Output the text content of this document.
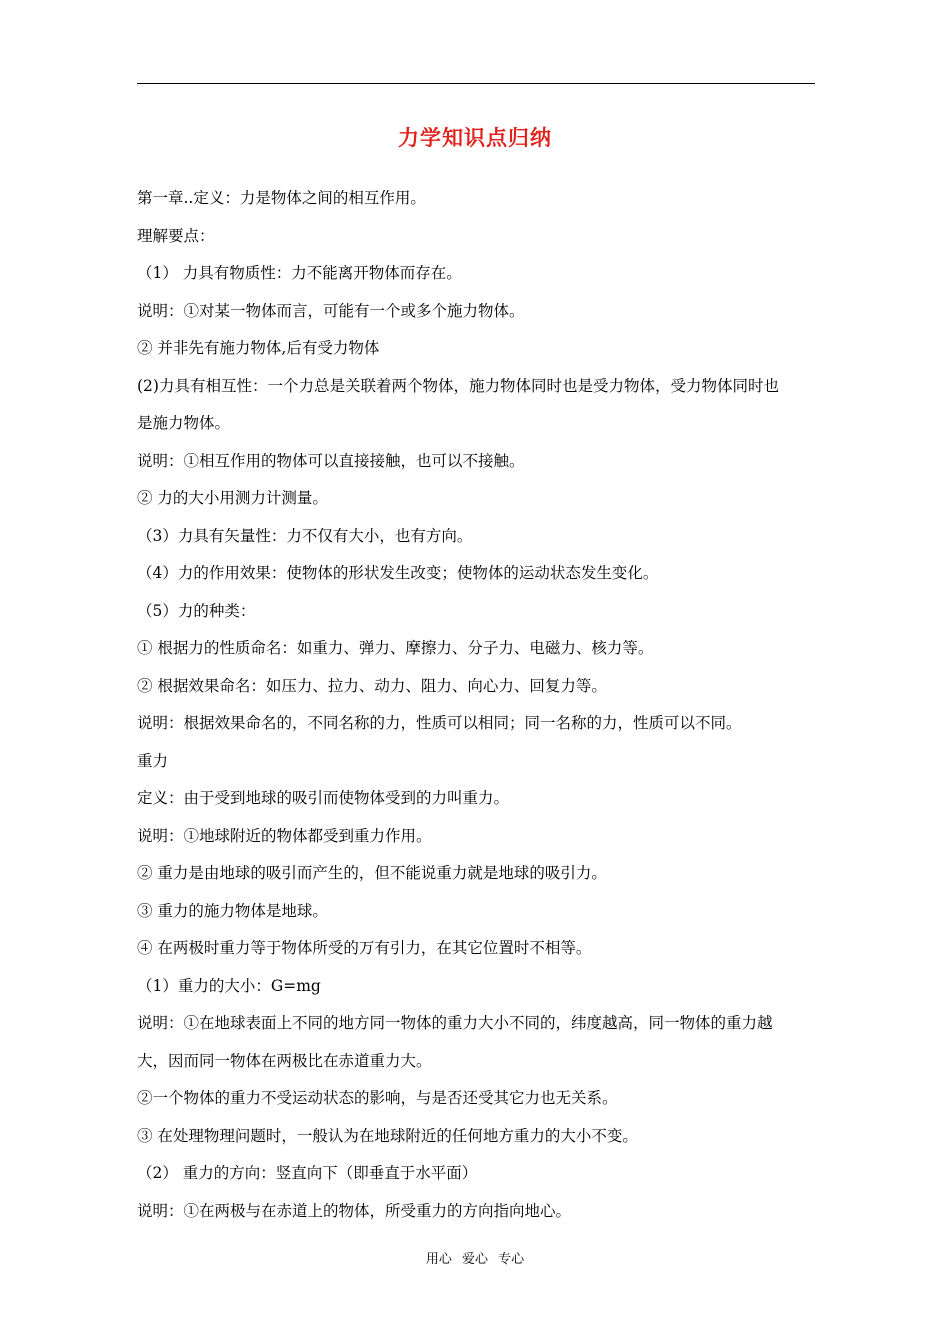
力学知识点归纳
第一章..定义：力是物体之间的相互作用。
理解要点：
（1） 力具有物质性：力不能离开物体而存在。
说明：①对某一物体而言，可能有一个或多个施力物体。
② 并非先有施力物体,后有受力物体
(2)力具有相互性：一个力总是关联着两个物体，施力物体同时也是受力物体，受力物体同时也
是施力物体。
说明：①相互作用的物体可以直接接触，也可以不接触。
② 力的大小用测力计测量。
（3）力具有矢量性：力不仅有大小，也有方向。
（4）力的作用效果：使物体的形状发生改变；使物体的运动状态发生变化。
（5）力的种类：
① 根据力的性质命名：如重力、弹力、摩擦力、分子力、电磁力、核力等。
② 根据效果命名：如压力、拉力、动力、阻力、向心力、回复力等。
说明：根据效果命名的，不同名称的力，性质可以相同；同一名称的力，性质可以不同。
重力
定义：由于受到地球的吸引而使物体受到的力叫重力。
说明：①地球附近的物体都受到重力作用。
② 重力是由地球的吸引而产生的，但不能说重力就是地球的吸引力。
③ 重力的施力物体是地球。
④ 在两极时重力等于物体所受的万有引力，在其它位置时不相等。
（1）重力的大小：G=mg
说明：①在地球表面上不同的地方同一物体的重力大小不同的，纬度越高，同一物体的重力越
大，因而同一物体在两极比在赤道重力大。
②一个物体的重力不受运动状态的影响，与是否还受其它力也无关系。
③ 在处理物理问题时，一般认为在地球附近的任何地方重力的大小不变。
（2） 重力的方向：竖直向下（即垂直于水平面）
说明：①在两极与在赤道上的物体，所受重力的方向指向地心。
用心 爱心 专心
